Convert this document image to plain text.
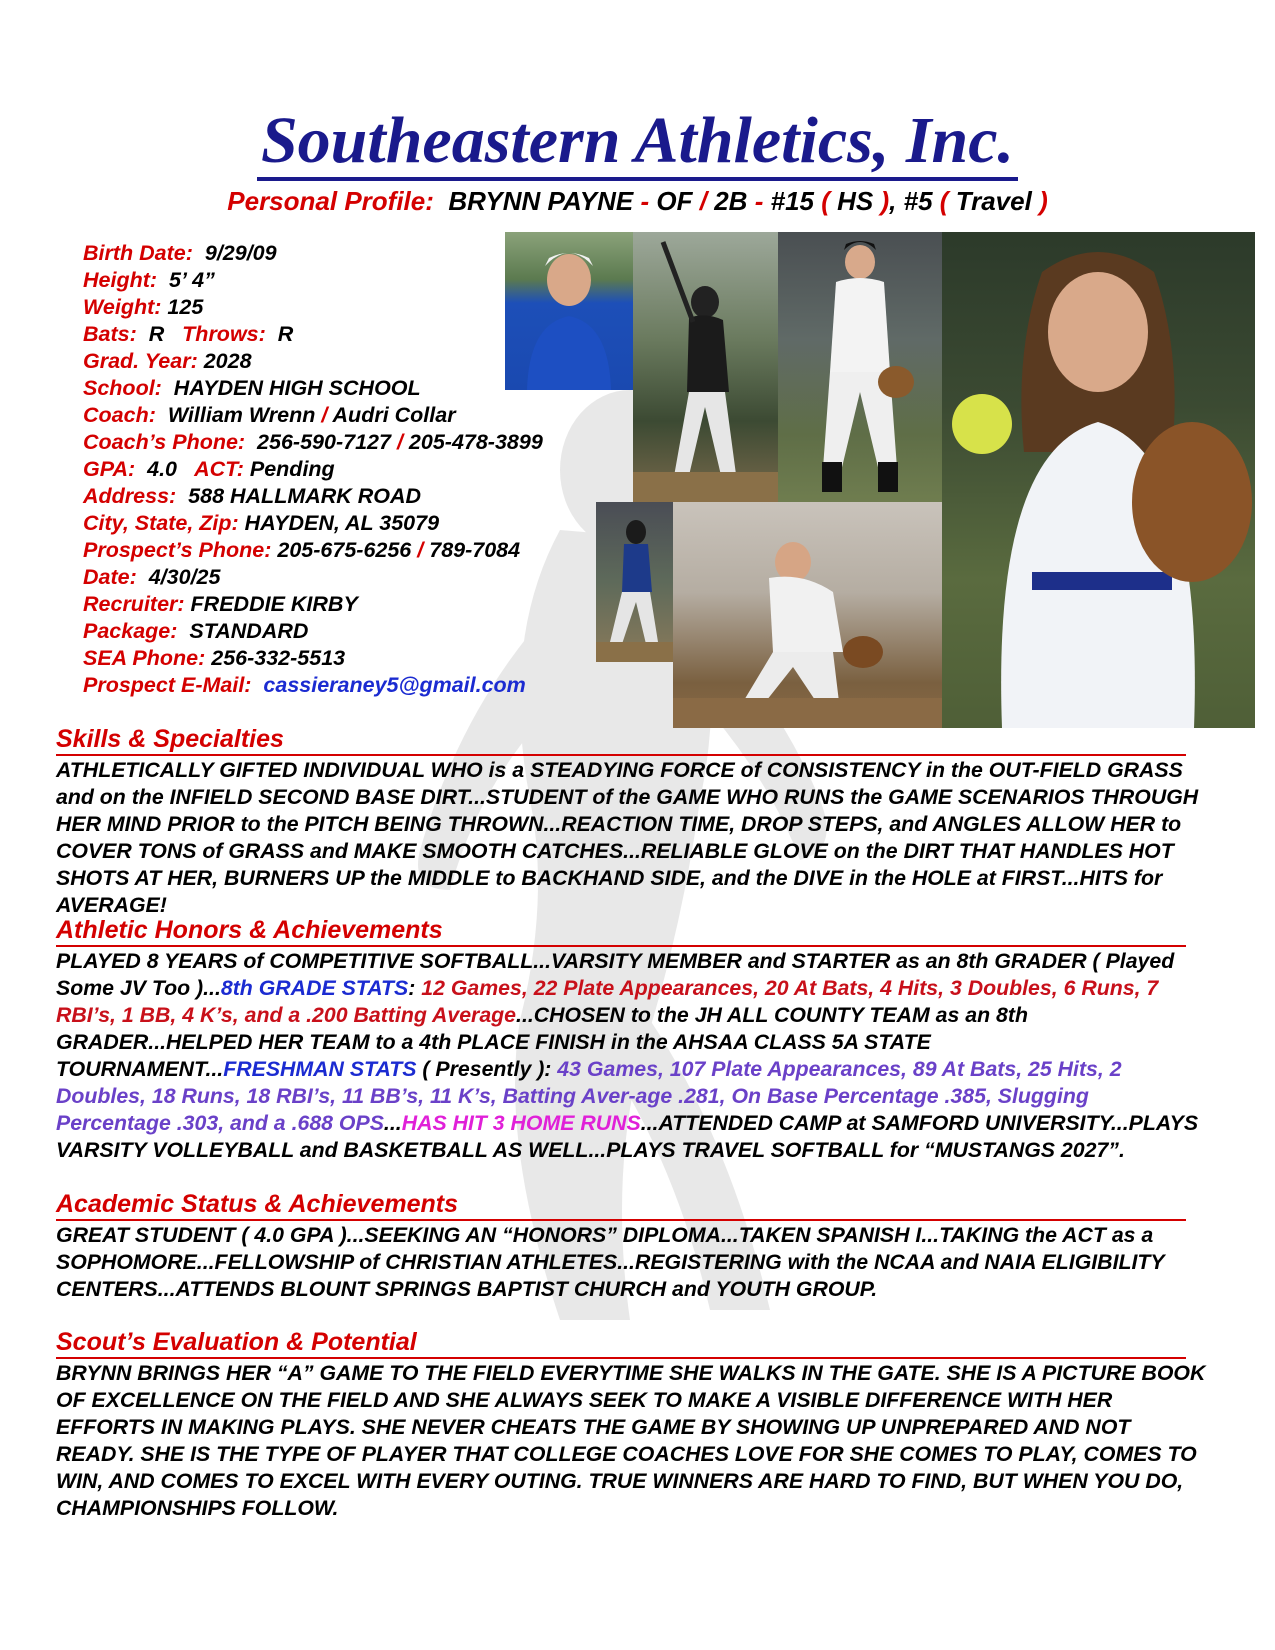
Southeastern Athletics, Inc.
Personal Profile: BRYNN PAYNE - OF / 2B - #15 ( HS ), #5 ( Travel )
Birth Date: 9/29/09
Height: 5’ 4”
Weight: 125
Bats: R Throws: R
Grad. Year: 2028
School: HAYDEN HIGH SCHOOL
Coach: William Wrenn / Audri Collar
Coach’s Phone: 256-590-7127 / 205-478-3899
GPA: 4.0 ACT: Pending
Address: 588 HALLMARK ROAD
City, State, Zip: HAYDEN, AL 35079
Prospect’s Phone: 205-675-6256 / 789-7084
Date: 4/30/25
Recruiter: FREDDIE KIRBY
Package: STANDARD
SEA Phone: 256-332-5513
Prospect E-Mail: cassieraney5@gmail.com
Skills & Specialties
ATHLETICALLY GIFTED INDIVIDUAL WHO is a STEADYING FORCE of CONSISTENCY in the OUT-FIELD GRASS and on the INFIELD SECOND BASE DIRT...STUDENT of the GAME WHO RUNS the GAME SCENARIOS THROUGH HER MIND PRIOR to the PITCH BEING THROWN...REACTION TIME, DROP STEPS, and ANGLES ALLOW HER to COVER TONS of GRASS and MAKE SMOOTH CATCHES...RELIABLE GLOVE on the DIRT THAT HANDLES HOT SHOTS AT HER, BURNERS UP the MIDDLE to BACKHAND SIDE, and the DIVE in the HOLE at FIRST...HITS for AVERAGE!
Athletic Honors & Achievements
PLAYED 8 YEARS of COMPETITIVE SOFTBALL...VARSITY MEMBER and STARTER as an 8th GRADER ( Played Some JV Too )...8th GRADE STATS: 12 Games, 22 Plate Appearances, 20 At Bats, 4 Hits, 3 Doubles, 6 Runs, 7 RBI’s, 1 BB, 4 K’s, and a .200 Batting Average...CHOSEN to the JH ALL COUNTY TEAM as an 8th GRADER...HELPED HER TEAM to a 4th PLACE FINISH in the AHSAA CLASS 5A STATE TOURNAMENT...FRESHMAN STATS ( Presently ): 43 Games, 107 Plate Appearances, 89 At Bats, 25 Hits, 2 Doubles, 18 Runs, 18 RBI’s, 11 BB’s, 11 K’s, Batting Aver-age .281, On Base Percentage .385, Slugging Percentage .303, and a .688 OPS...HAS HIT 3 HOME RUNS...ATTENDED CAMP at SAMFORD UNIVERSITY...PLAYS VARSITY VOLLEYBALL and BASKETBALL AS WELL...PLAYS TRAVEL SOFTBALL for “MUSTANGS 2027”.
Academic Status & Achievements
GREAT STUDENT ( 4.0 GPA )...SEEKING AN “HONORS” DIPLOMA...TAKEN SPANISH I...TAKING the ACT as a SOPHOMORE...FELLOWSHIP of CHRISTIAN ATHLETES...REGISTERING with the NCAA and NAIA ELIGIBILITY CENTERS...ATTENDS BLOUNT SPRINGS BAPTIST CHURCH and YOUTH GROUP.
Scout’s Evaluation & Potential
BRYNN BRINGS HER “A” GAME TO THE FIELD EVERYTIME SHE WALKS IN THE GATE. SHE IS A PICTURE BOOK OF EXCELLENCE ON THE FIELD AND SHE ALWAYS SEEK TO MAKE A VISIBLE DIFFERENCE WITH HER EFFORTS IN MAKING PLAYS. SHE NEVER CHEATS THE GAME BY SHOWING UP UNPREPARED AND NOT READY. SHE IS THE TYPE OF PLAYER THAT COLLEGE COACHES LOVE FOR SHE COMES TO PLAY, COMES TO WIN, AND COMES TO EXCEL WITH EVERY OUTING. TRUE WINNERS ARE HARD TO FIND, BUT WHEN YOU DO, CHAMPIONSHIPS FOLLOW.
